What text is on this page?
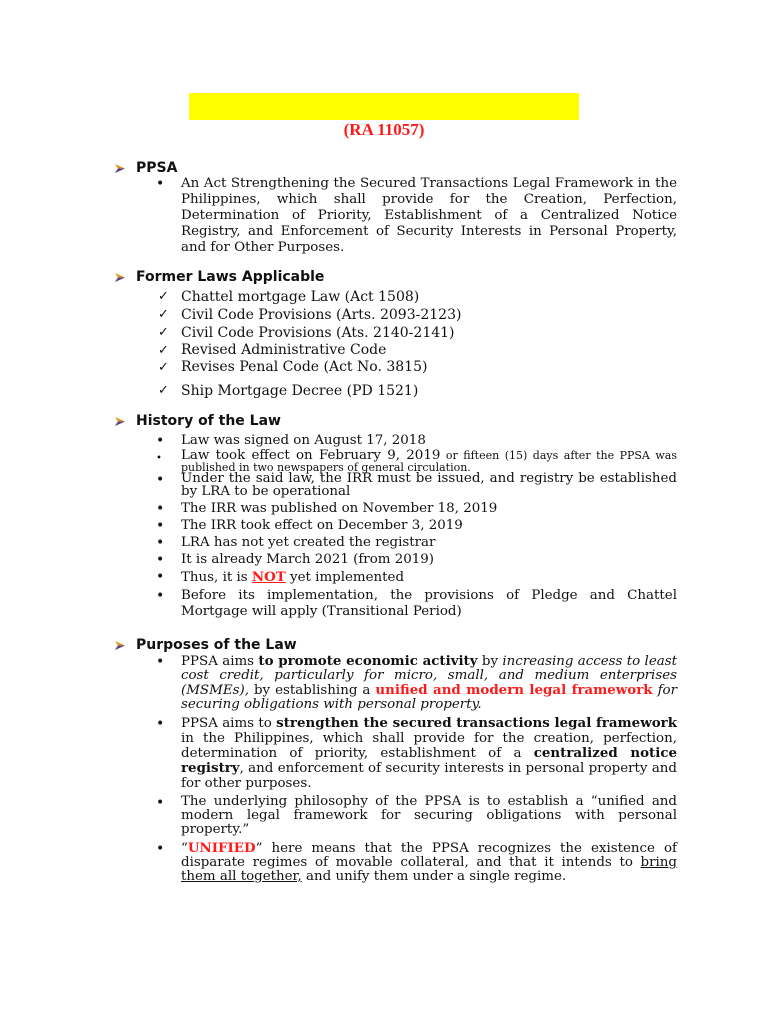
(RA 11057)
PPSA
• An Act Strengthening the Secured Transactions Legal Framework in the Philippines, which shall provide for the Creation, Perfection, Determination of Priority, Establishment of a Centralized Notice Registry, and Enforcement of Security Interests in Personal Property, and for Other Purposes.
Former Laws Applicable
✓ Chattel mortgage Law (Act 1508)
✓ Civil Code Provisions (Arts. 2093-2123)
✓ Civil Code Provisions (Ats. 2140-2141)
✓ Revised Administrative Code
✓ Revises Penal Code (Act No. 3815)
✓ Ship Mortgage Decree (PD 1521)
History of the Law
• Law was signed on August 17, 2018
• Law took effect on February 9, 2019 or fifteen (15) days after the PPSA was published in two newspapers of general circulation.
• Under the said law, the IRR must be issued, and registry be established by LRA to be operational
• The IRR was published on November 18, 2019
• The IRR took effect on December 3, 2019
• LRA has not yet created the registrar
• It is already March 2021 (from 2019)
• Thus, it is NOT yet implemented
• Before its implementation, the provisions of Pledge and Chattel Mortgage will apply (Transitional Period)
Purposes of the Law
• PPSA aims to promote economic activity by increasing access to least cost credit, particularly for micro, small, and medium enterprises (MSMEs), by establishing a unified and modern legal framework for securing obligations with personal property.
• PPSA aims to strengthen the secured transactions legal framework in the Philippines, which shall provide for the creation, perfection, determination of priority, establishment of a centralized notice registry, and enforcement of security interests in personal property and for other purposes.
• The underlying philosophy of the PPSA is to establish a “unified and modern legal framework for securing obligations with personal property.”
• “UNIFIED” here means that the PPSA recognizes the existence of disparate regimes of movable collateral, and that it intends to bring them all together, and unify them under a single regime.
